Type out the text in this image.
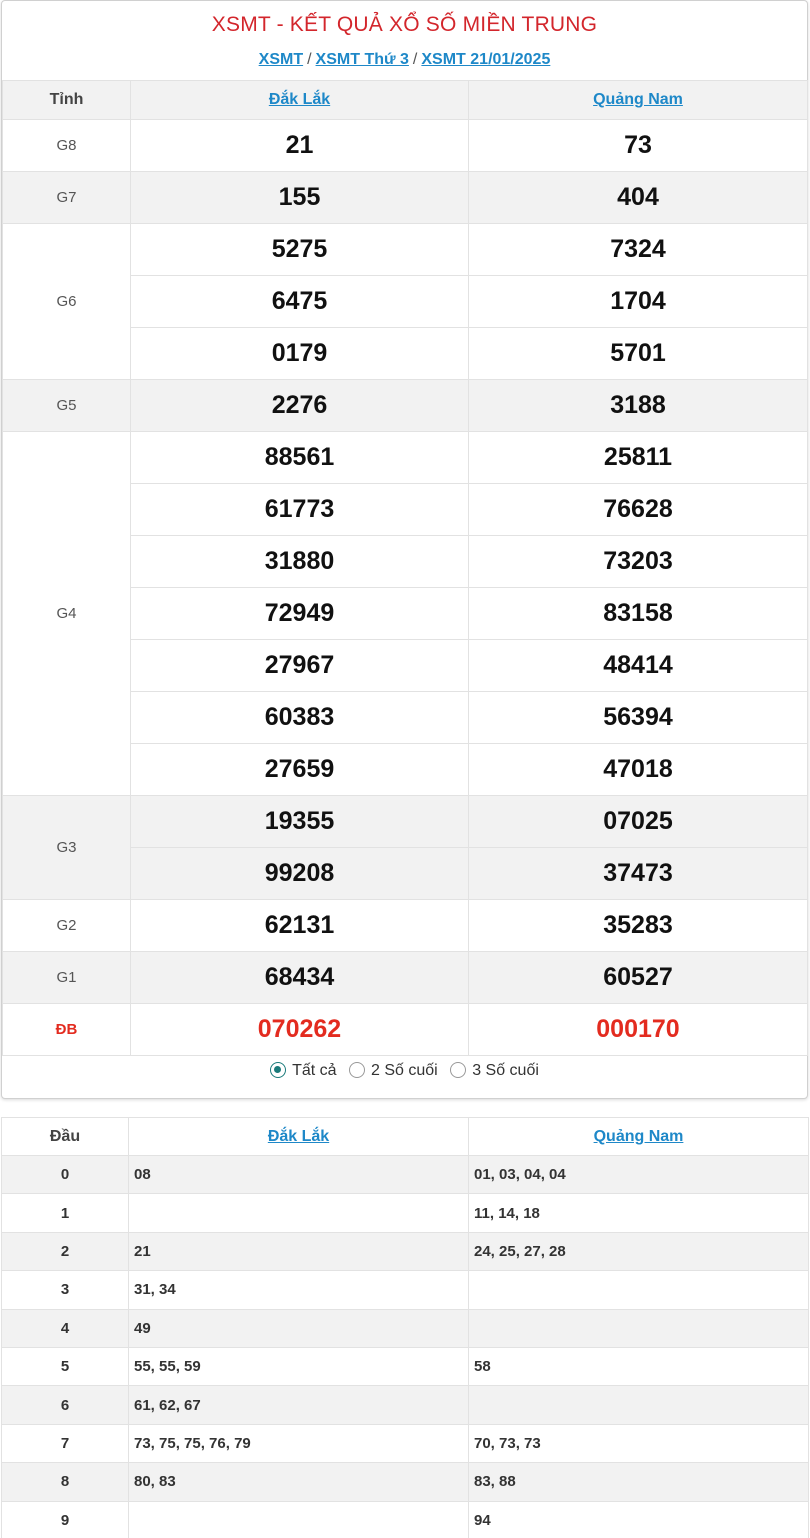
XSMT - KẾT QUẢ XỔ SỐ MIỀN TRUNG
XSMT / XSMT Thứ 3 / XSMT 21/01/2025
Tỉnh	Đắk Lắk	Quảng Nam
G8	21	73
G7	155	404
G6	5275	7324
	6475	1704
	0179	5701
G5	2276	3188
G4	88561	25811
	61773	76628
	31880	73203
	72949	83158
	27967	48414
	60383	56394
	27659	47018
G3	19355	07025
	99208	37473
G2	62131	35283
G1	68434	60527
ĐB	070262	000170
Tất cả 2 Số cuối 3 Số cuối
Đầu	Đắk Lắk	Quảng Nam
0	08	01, 03, 04, 04
1		11, 14, 18
2	21	24, 25, 27, 28
3	31, 34	
4	49	
5	55, 55, 59	58
6	61, 62, 67	
7	73, 75, 75, 76, 79	70, 73, 73
8	80, 83	83, 88
9		94
